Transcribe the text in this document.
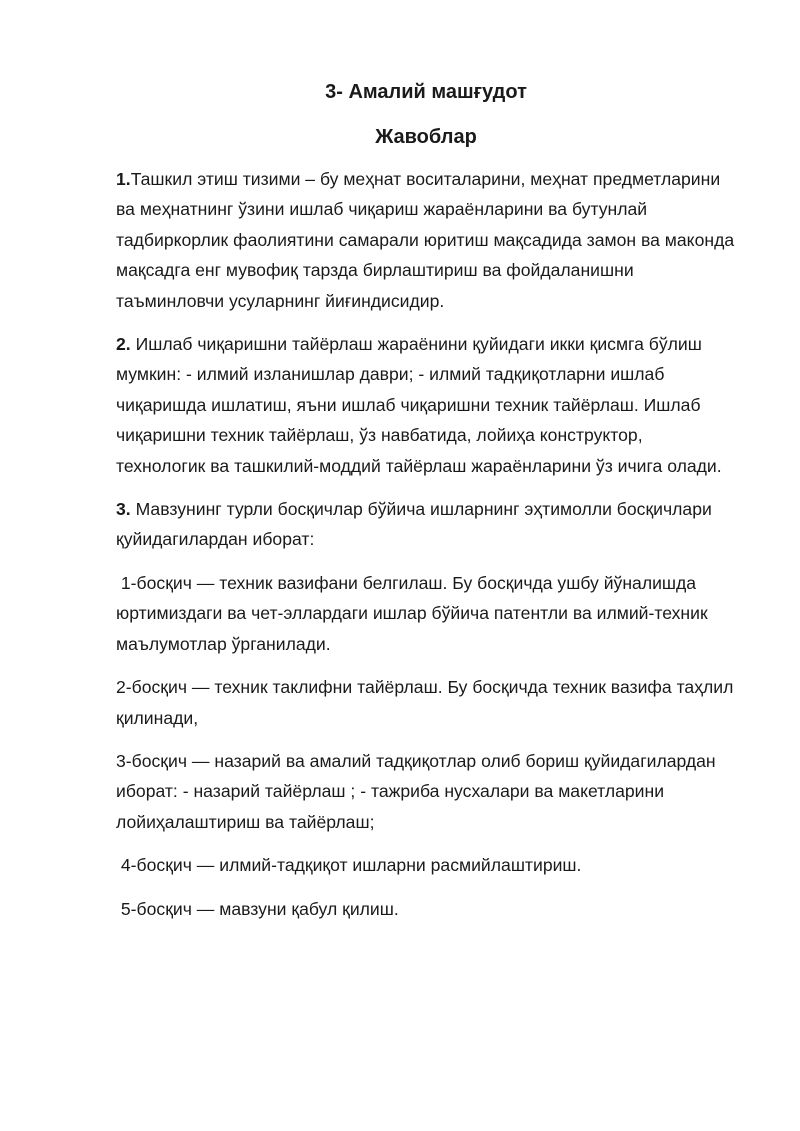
3- Амалий машғудот
Жавоблар

1.Ташкил этиш тизими – бу меҳнат воситаларини, меҳнат предметларини ва меҳнатнинг ўзини ишлаб чиқариш жараёнларини ва бутунлай тадбиркорлик фаолиятини самарали юритиш мақсадида замон ва маконда  мақсадга енг мувофиқ тарзда бирлаштириш ва фойдаланишни таъминловчи усуларнинг йиғиндисидир.

2. Ишлаб чиқаришни тайёрлаш жараёнини қуйидаги икки қисмга бўлиш мумкин: - илмий изланишлар даври; - илмий тадқиқотларни ишлаб чиқаришда ишлатиш, яъни ишлаб чиқаришни техник тайёрлаш. Ишлаб чиқаришни техник тайёрлаш, ўз навбатида, лойиҳа конструктор, технологик ва ташкилий-моддий тайёрлаш жараёнларини ўз ичига олади.

3. Мавзунинг турли босқичлар бўйича ишларнинг эҳтимолли босқичлари қуйидагилардан иборат:

1-босқич — техник вазифани белгилаш. Бу босқичда ушбу йўналишда юртимиздаги ва чет-эллардаги ишлар бўйича патентли ва илмий-техник маълумотлар ўрганилади.

2-босқич — техник таклифни тайёрлаш. Бу босқичда техник вазифа таҳлил қилинади,

3-босқич — назарий ва амалий тадқиқотлар олиб бориш қуйидагилардан иборат: - назарий тайёрлаш ; - тажриба нусхалари ва макетларини лойиҳалаштириш ва тайёрлаш;

4-босқич — илмий-тадқиқот ишларни расмийлаштириш.

5-босқич — мавзуни қабул қилиш.
